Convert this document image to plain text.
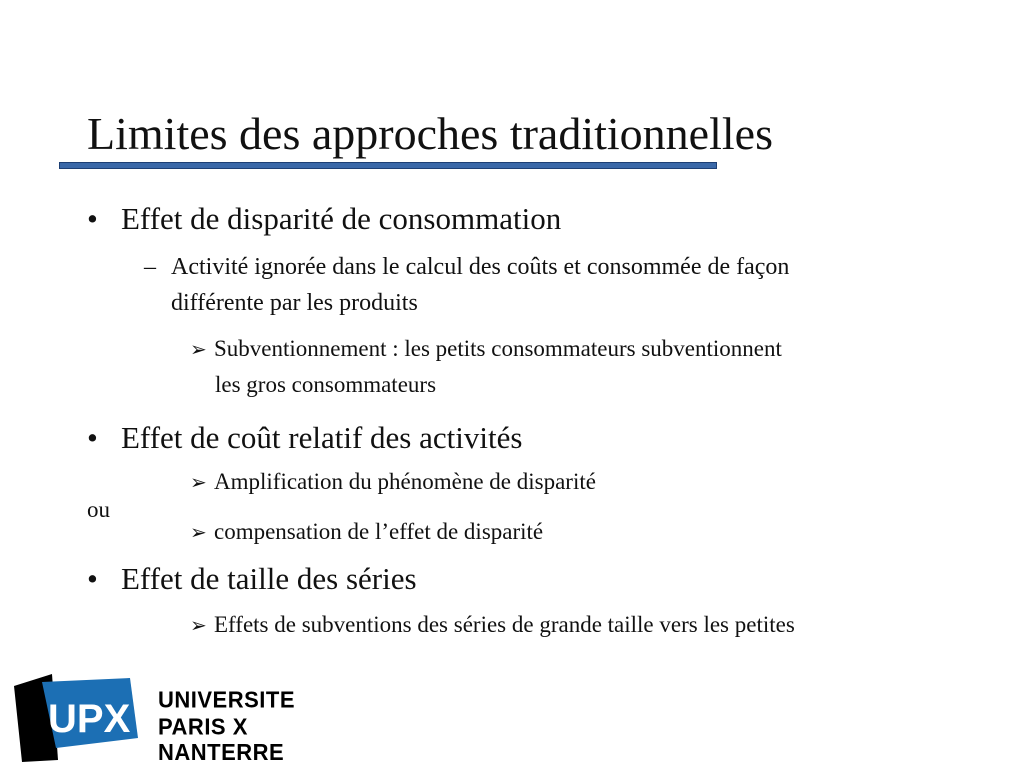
Limites des approches traditionnelles
• Effet de disparité de consommation
– Activité ignorée dans le calcul des coûts et consommée de façon
différente par les produits
➢ Subventionnement : les petits consommateurs subventionnent
les gros consommateurs
• Effet de coût relatif des activités
➢ Amplification du phénomène de disparité
ou
➢ compensation de l’effet de disparité
• Effet de taille des séries
➢ Effets de subventions des séries de grande taille vers les petites
UPX UNIVERSITE
PARIS X NANTERRE
